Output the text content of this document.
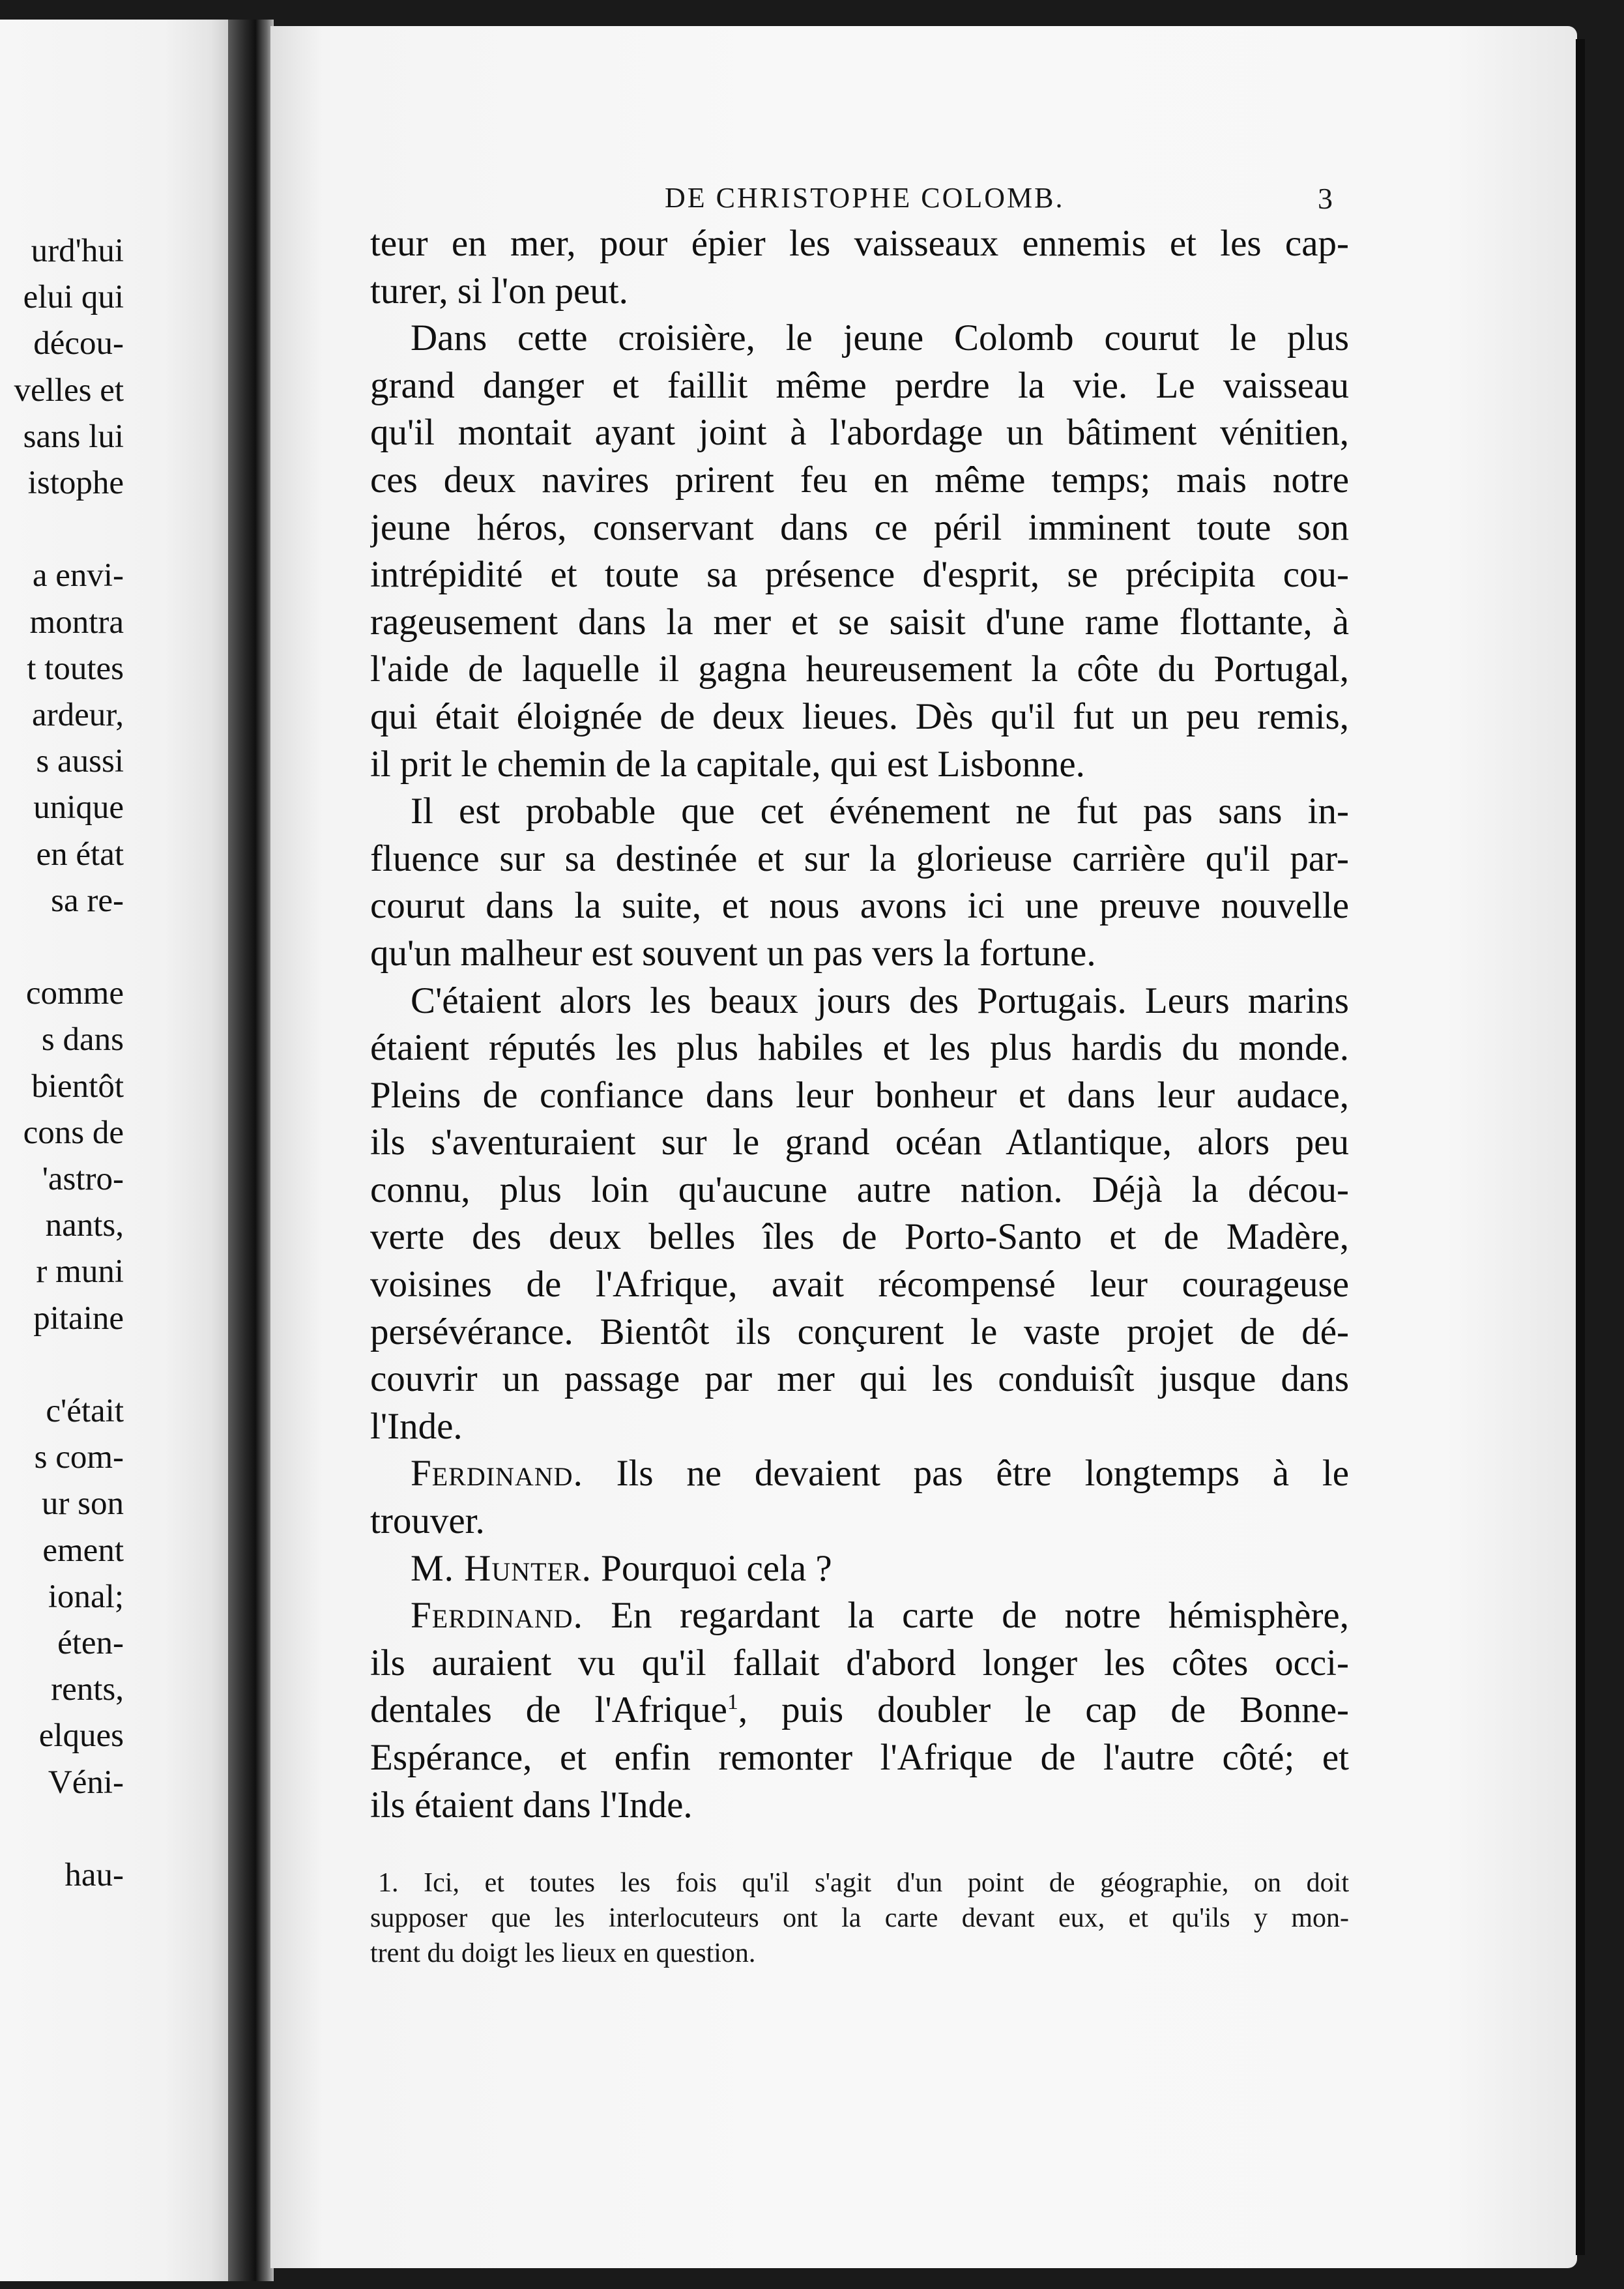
urd'hui
elui qui
décou-
velles et
sans lui
istophe
a envi-
montra
t toutes
ardeur,
s aussi
unique
en état
sa re-
comme
s dans
bientôt
cons de
'astro-
nants,
r muni
pitaine
c'était
s com-
ur son
ement
ional;
éten-
rents,
elques
Véni-
hau-
DE CHRISTOPHE COLOMB.	3
teur en mer, pour épier les vaisseaux ennemis et les cap-
turer, si l'on peut.
Dans cette croisière, le jeune Colomb courut le plus
grand danger et faillit même perdre la vie. Le vaisseau
qu'il montait ayant joint à l'abordage un bâtiment vénitien,
ces deux navires prirent feu en même temps; mais notre
jeune héros, conservant dans ce péril imminent toute son
intrépidité et toute sa présence d'esprit, se précipita cou-
rageusement dans la mer et se saisit d'une rame flottante, à
l'aide de laquelle il gagna heureusement la côte du Portugal,
qui était éloignée de deux lieues. Dès qu'il fut un peu remis,
il prit le chemin de la capitale, qui est Lisbonne.
Il est probable que cet événement ne fut pas sans in-
fluence sur sa destinée et sur la glorieuse carrière qu'il par-
courut dans la suite, et nous avons ici une preuve nouvelle
qu'un malheur est souvent un pas vers la fortune.
C'étaient alors les beaux jours des Portugais. Leurs marins
étaient réputés les plus habiles et les plus hardis du monde.
Pleins de confiance dans leur bonheur et dans leur audace,
ils s'aventuraient sur le grand océan Atlantique, alors peu
connu, plus loin qu'aucune autre nation. Déjà la décou-
verte des deux belles îles de Porto-Santo et de Madère,
voisines de l'Afrique, avait récompensé leur courageuse
persévérance. Bientôt ils conçurent le vaste projet de dé-
couvrir un passage par mer qui les conduisît jusque dans
l'Inde.
Ferdinand. Ils ne devaient pas être longtemps à le
trouver.
M. Hunter. Pourquoi cela ?
Ferdinand. En regardant la carte de notre hémisphère,
ils auraient vu qu'il fallait d'abord longer les côtes occi-
dentales de l'Afrique$^1$, puis doubler le cap de Bonne-
Espérance, et enfin remonter l'Afrique de l'autre côté; et
ils étaient dans l'Inde.
1. Ici, et toutes les fois qu'il s'agit d'un point de géographie, on doit
supposer que les interlocuteurs ont la carte devant eux, et qu'ils y mon-
trent du doigt les lieux en question.
